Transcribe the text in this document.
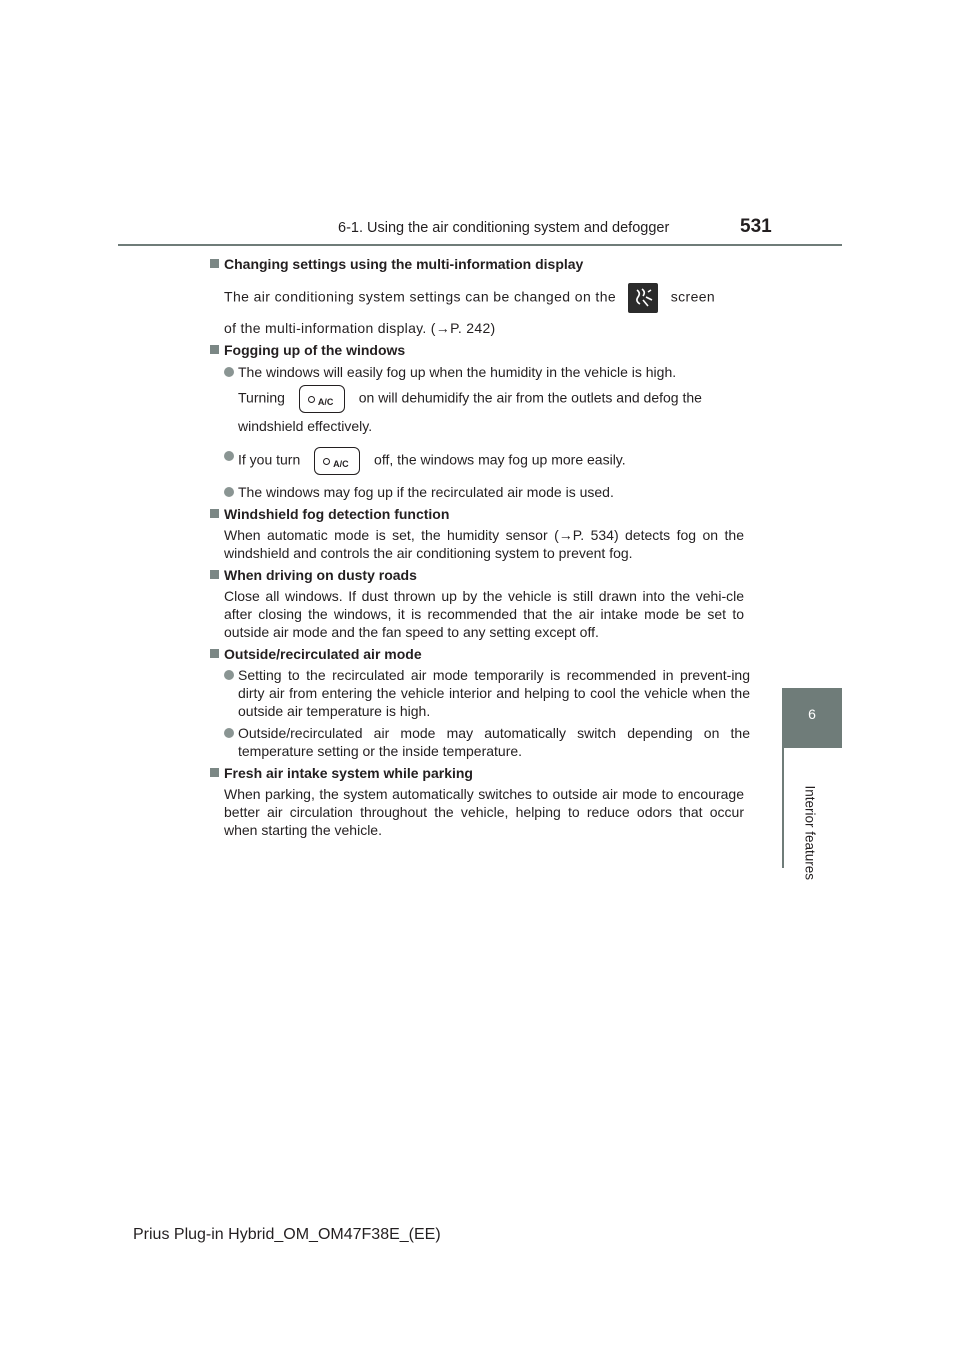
6-1. Using the air conditioning system and defogger	531
6
Interior features

Changing settings using the multi-information display

The air conditioning system settings can be changed on the	screen

of the multi-information display. (→P. 242)

Fogging up of the windows

The windows will easily fog up when the humidity in the vehicle is high.

Turning	A/C on will dehumidify the air from the outlets and defog the

windshield effectively.

If you turn	A/C off, the windows may fog up more easily.

The windows may fog up if the recirculated air mode is used.

Windshield fog detection function

When automatic mode is set, the humidity sensor (→P. 534) detects fog on the windshield and controls the air conditioning system to prevent fog.

When driving on dusty roads

Close all windows. If dust thrown up by the vehicle is still drawn into the vehi-cle after closing the windows, it is recommended that the air intake mode be set to outside air mode and the fan speed to any setting except off.

Outside/recirculated air mode

Setting to the recirculated air mode temporarily is recommended in prevent-ing dirty air from entering the vehicle interior and helping to cool the vehicle when the outside air temperature is high.

Outside/recirculated air mode may automatically switch depending on the temperature setting or the inside temperature.

Fresh air intake system while parking

When parking, the system automatically switches to outside air mode to encourage better air circulation throughout the vehicle, helping to reduce odors that occur when starting the vehicle.

Prius Plug-in Hybrid_OM_OM47F38E_(EE)
